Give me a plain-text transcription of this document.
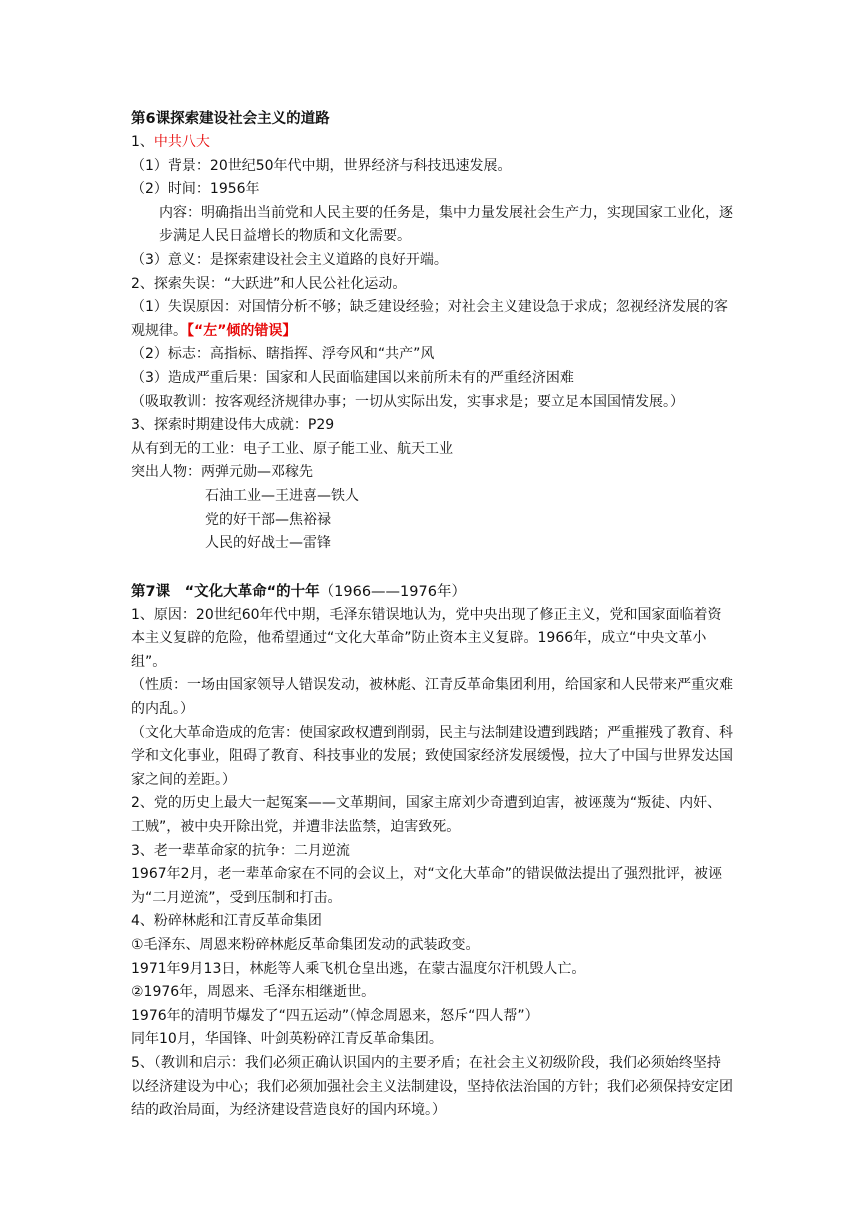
第6课探索建设社会主义的道路
1、中共八大
（1）背景：20世纪50年代中期，世界经济与科技迅速发展。
（2）时间：1956年
内容：明确指出当前党和人民主要的任务是，集中力量发展社会生产力，实现国家工业化，逐步满足人民日益增长的物质和文化需要。
（3）意义：是探索建设社会主义道路的良好开端。
2、探索失误：“大跃进”和人民公社化运动。
（1）失误原因：对国情分析不够；缺乏建设经验；对社会主义建设急于求成；忽视经济发展的客观规律。【“左”倾的错误】
（2）标志：高指标、瞎指挥、浮夸风和“共产”风
（3）造成严重后果：国家和人民面临建国以来前所未有的严重经济困难
（吸取教训：按客观经济规律办事；一切从实际出发，实事求是；要立足本国国情发展。）
3、探索时期建设伟大成就：P29
从有到无的工业：电子工业、原子能工业、航天工业
突出人物：两弹元勋—邓稼先
石油工业—王进喜—铁人
党的好干部—焦裕禄
人民的好战士—雷锋
第7课　“文化大革命“的十年（1966——1976年）
1、原因：20世纪60年代中期，毛泽东错误地认为，党中央出现了修正主义，党和国家面临着资本主义复辟的危险，他希望通过“文化大革命”防止资本主义复辟。1966年，成立“中央文革小组”。
（性质：一场由国家领导人错误发动，被林彪、江青反革命集团利用，给国家和人民带来严重灾难的内乱。）
（文化大革命造成的危害：使国家政权遭到削弱，民主与法制建设遭到践踏；严重摧残了教育、科学和文化事业，阻碍了教育、科技事业的发展；致使国家经济发展缓慢，拉大了中国与世界发达国家之间的差距。）
2、党的历史上最大一起冤案——文革期间，国家主席刘少奇遭到迫害，被诬蔑为“叛徒、内奸、工贼”，被中央开除出党，并遭非法监禁，迫害致死。
3、老一辈革命家的抗争：二月逆流
1967年2月，老一辈革命家在不同的会议上，对“文化大革命”的错误做法提出了强烈批评，被诬为“二月逆流”，受到压制和打击。
4、粉碎林彪和江青反革命集团
①毛泽东、周恩来粉碎林彪反革命集团发动的武装政变。
1971年9月13日，林彪等人乘飞机仓皇出逃，在蒙古温度尔汗机毁人亡。
②1976年，周恩来、毛泽东相继逝世。
1976年的清明节爆发了“四五运动”（悼念周恩来，怒斥“四人帮”）
同年10月，华国锋、叶剑英粉碎江青反革命集团。
5、（教训和启示：我们必须正确认识国内的主要矛盾；在社会主义初级阶段，我们必须始终坚持以经济建设为中心；我们必须加强社会主义法制建设，坚持依法治国的方针；我们必须保持安定团结的政治局面，为经济建设营造良好的国内环境。）
